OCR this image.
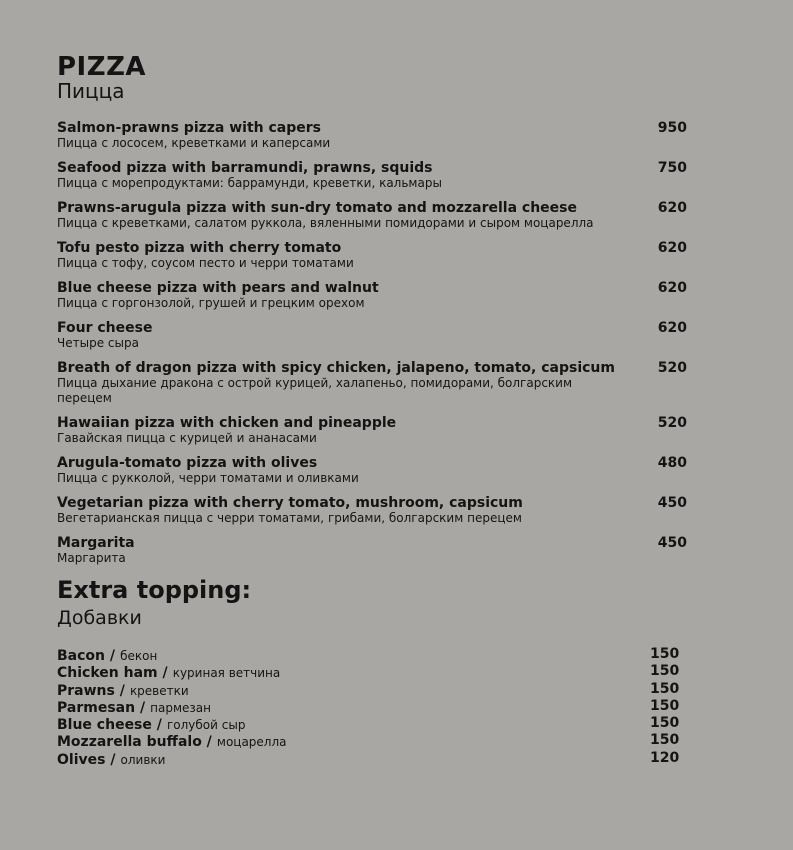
PIZZA
Пицца
Salmon-prawns pizza with capers
Пицца с лососем, креветками и каперсами
950
Seafood pizza with barramundi, prawns, squids
Пицца с морепродуктами: баррамунди, креветки, кальмары
750
Prawns-arugula pizza with sun-dry tomato and mozzarella cheese
Пицца с креветками, салатом руккола, вяленными помидорами и сыром моцарелла
620
Tofu pesto pizza with cherry tomato
Пицца с тофу, соусом песто и черри томатами
620
Blue cheese pizza with pears and walnut
Пицца с горгонзолой, грушей и грецким орехом
620
Four cheese
Четыре сыра
620
Breath of dragon pizza with spicy chicken, jalapeno, tomato, capsicum
Пицца дыхание дракона с острой курицей, халапеньо, помидорами, болгарским перецем
520
Hawaiian pizza with chicken and pineapple
Гавайская пицца с курицей и ананасами
520
Arugula-tomato pizza with olives
Пицца с рукколой, черри томатами и оливками
480
Vegetarian pizza with cherry tomato, mushroom, capsicum
Вегетарианская пицца с черри томатами, грибами, болгарским перецем
450
Margarita
Маргарита
450
Extra topping:
Добавки
Bacon / бекон	150
Chicken ham / куриная ветчина	150
Prawns / креветки	150
Parmesan / пармезан	150
Blue cheese / голубой сыр	150
Mozzarella buffalo / моцарелла	150
Olives / оливки	120
